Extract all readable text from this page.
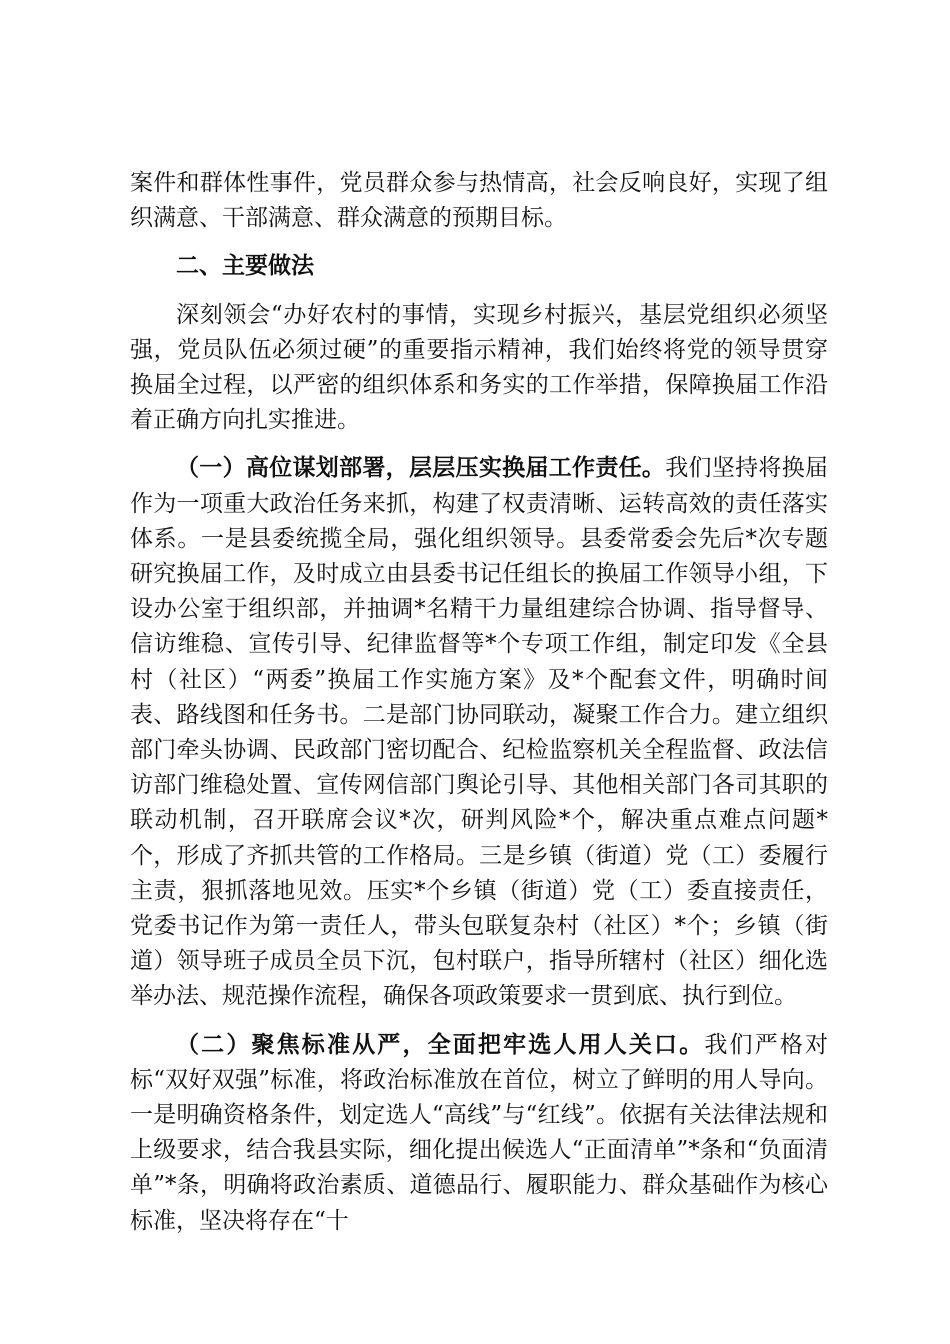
案件和群体性事件，党员群众参与热情高，社会反响良好，实现了组织满意、干部满意、群众满意的预期目标。

二、主要做法

深刻领会“办好农村的事情，实现乡村振兴，基层党组织必须坚强，党员队伍必须过硬”的重要指示精神，我们始终将党的领导贯穿换届全过程，以严密的组织体系和务实的工作举措，保障换届工作沿着正确方向扎实推进。

（一）高位谋划部署，层层压实换届工作责任。我们坚持将换届作为一项重大政治任务来抓，构建了权责清晰、运转高效的责任落实体系。一是县委统揽全局，强化组织领导。县委常委会先后*次专题研究换届工作，及时成立由县委书记任组长的换届工作领导小组，下设办公室于组织部，并抽调*名精干力量组建综合协调、指导督导、信访维稳、宣传引导、纪律监督等*个专项工作组，制定印发《全县村（社区）“两委”换届工作实施方案》及*个配套文件，明确时间表、路线图和任务书。二是部门协同联动，凝聚工作合力。建立组织部门牵头协调、民政部门密切配合、纪检监察机关全程监督、政法信访部门维稳处置、宣传网信部门舆论引导、其他相关部门各司其职的联动机制，召开联席会议*次，研判风险*个，解决重点难点问题*个，形成了齐抓共管的工作格局。三是乡镇（街道）党（工）委履行主责，狠抓落地见效。压实*个乡镇（街道）党（工）委直接责任，党委书记作为第一责任人，带头包联复杂村（社区）*个；乡镇（街道）领导班子成员全员下沉，包村联户，指导所辖村（社区）细化选举办法、规范操作流程，确保各项政策要求一贯到底、执行到位。

（二）聚焦标准从严，全面把牢选人用人关口。我们严格对标“双好双强”标准，将政治标准放在首位，树立了鲜明的用人导向。一是明确资格条件，划定选人“高线”与“红线”。依据有关法律法规和上级要求，结合我县实际，细化提出候选人“正面清单”*条和“负面清单”*条，明确将政治素质、道德品行、履职能力、群众基础作为核心标准，坚决将存在“十
